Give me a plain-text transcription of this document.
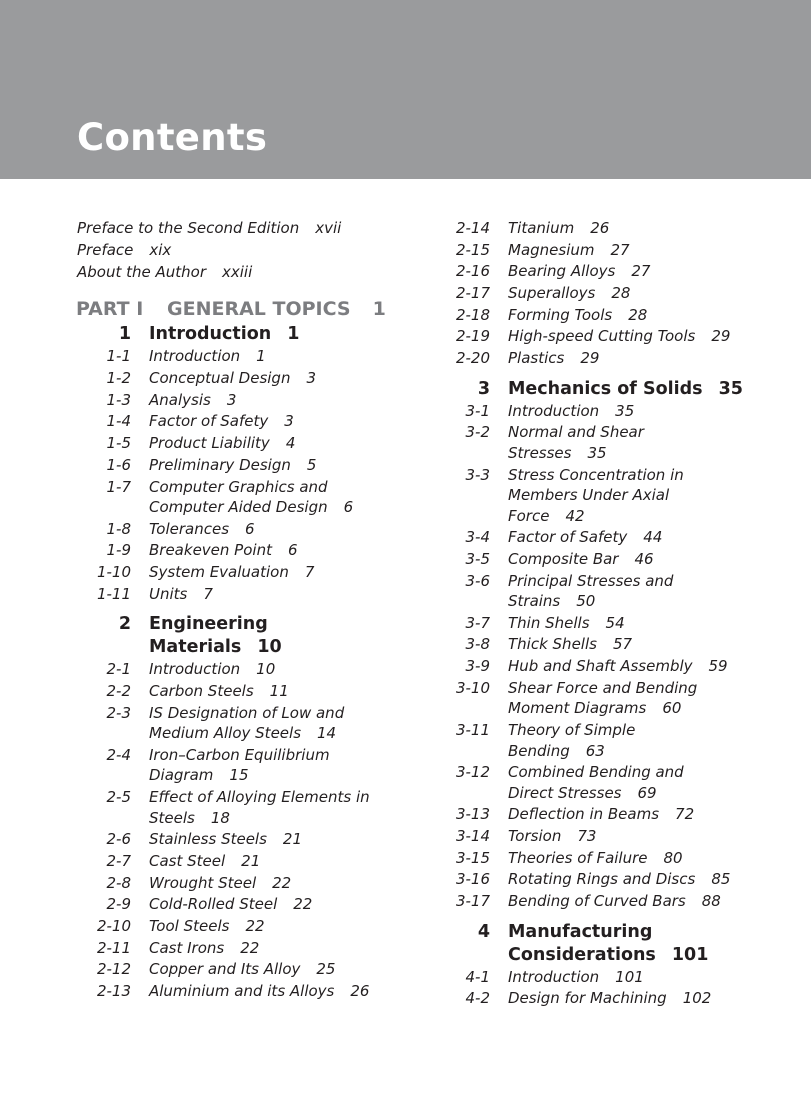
Contents
Preface to the Second Edition xvii
Preface xix
About the Author xxiii
PART I	GENERAL TOPICS 1
1	Introduction 1
1-1	Introduction 1
1-2	Conceptual Design 3
1-3	Analysis 3
1-4	Factor of Safety 3
1-5	Product Liability 4
1-6	Preliminary Design 5
1-7	Computer Graphics and
Computer Aided Design 6
1-8	Tolerances 6
1-9	Breakeven Point 6
1-10	System Evaluation 7
1-11	Units 7
2	Engineering
Materials 10
2-1	Introduction 10
2-2	Carbon Steels 11
2-3	IS Designation of Low and
Medium Alloy Steels 14
2-4	Iron–Carbon Equilibrium
Diagram 15
2-5	Effect of Alloying Elements in
Steels 18
2-6	Stainless Steels 21
2-7	Cast Steel 21
2-8	Wrought Steel 22
2-9	Cold-Rolled Steel 22
2-10	Tool Steels 22
2-11	Cast Irons 22
2-12	Copper and Its Alloy 25
2-13	Aluminium and its Alloys 26
2-14	Titanium 26
2-15	Magnesium 27
2-16	Bearing Alloys 27
2-17	Superalloys 28
2-18	Forming Tools 28
2-19	High-speed Cutting Tools 29
2-20	Plastics 29
3	Mechanics of Solids 35
3-1	Introduction 35
3-2	Normal and Shear
Stresses 35
3-3	Stress Concentration in
Members Under Axial
Force 42
3-4	Factor of Safety 44
3-5	Composite Bar 46
3-6	Principal Stresses and
Strains 50
3-7	Thin Shells 54
3-8	Thick Shells 57
3-9	Hub and Shaft Assembly 59
3-10	Shear Force and Bending
Moment Diagrams 60
3-11	Theory of Simple
Bending 63
3-12	Combined Bending and
Direct Stresses 69
3-13	Deflection in Beams 72
3-14	Torsion 73
3-15	Theories of Failure 80
3-16	Rotating Rings and Discs 85
3-17	Bending of Curved Bars 88
4	Manufacturing
Considerations 101
4-1	Introduction 101
4-2	Design for Machining 102
